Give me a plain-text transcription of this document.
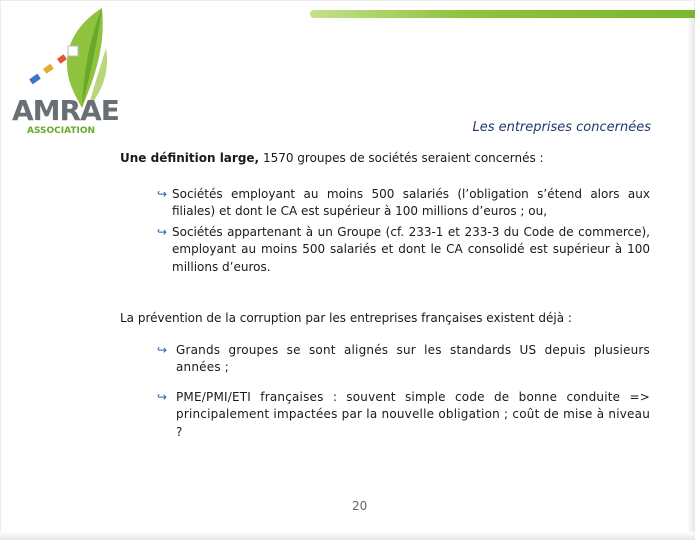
AMRAE
ASSOCIATION	Les entreprises concernées

Une définition large, 1570 groupes de sociétés seraient concernés :

↪ Sociétés employant au moins 500 salariés (l’obligation s’étend alors aux filiales) et dont le CA est supérieur à 100 millions d’euros ; ou,
↪ Sociétés appartenant à un Groupe (cf. 233-1 et 233-3 du Code de commerce), employant au moins 500 salariés et dont le CA consolidé est supérieur à 100 millions d’euros.

La prévention de la corruption par les entreprises françaises existent déjà :

↪ Grands groupes se sont alignés sur les standards US depuis plusieurs années ;
↪ PME/PMI/ETI françaises : souvent simple code de bonne conduite => principalement impactées par la nouvelle obligation ; coût de mise à niveau ?
20
